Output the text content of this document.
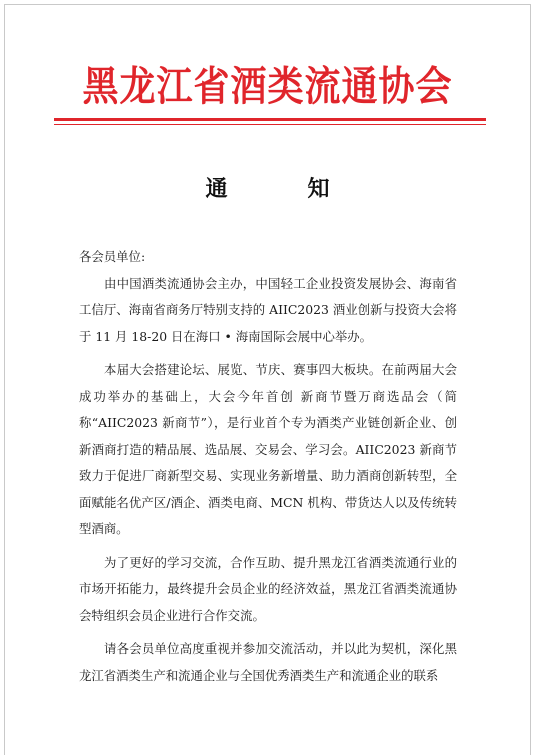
黑龙江省酒类流通协会
通	知

各会员单位:

由中国酒类流通协会主办，中国轻工企业投资发展协会、海南省工信厅、海南省商务厅特别支持的 AIIC2023 酒业创新与投资大会将于 11 月 18-20 日在海口 • 海南国际会展中心举办。

本届大会搭建论坛、展览、节庆、赛事四大板块。在前两届大会成功举办的基础上，大会今年首创 新商节暨万商选品会（简称“AIIC2023 新商节”），是行业首个专为酒类产业链创新企业、创新酒商打造的精品展、选品展、交易会、学习会。AIIC2023 新商节致力于促进厂商新型交易、实现业务新增量、助力酒商创新转型，全面赋能名优产区/酒企、酒类电商、MCN 机构、带货达人以及传统转型酒商。

为了更好的学习交流，合作互助、提升黑龙江省酒类流通行业的市场开拓能力，最终提升会员企业的经济效益，黑龙江省酒类流通协会特组织会员企业进行合作交流。

请各会员单位高度重视并参加交流活动，并以此为契机，深化黑龙江省酒类生产和流通企业与全国优秀酒类生产和流通企业的联系
